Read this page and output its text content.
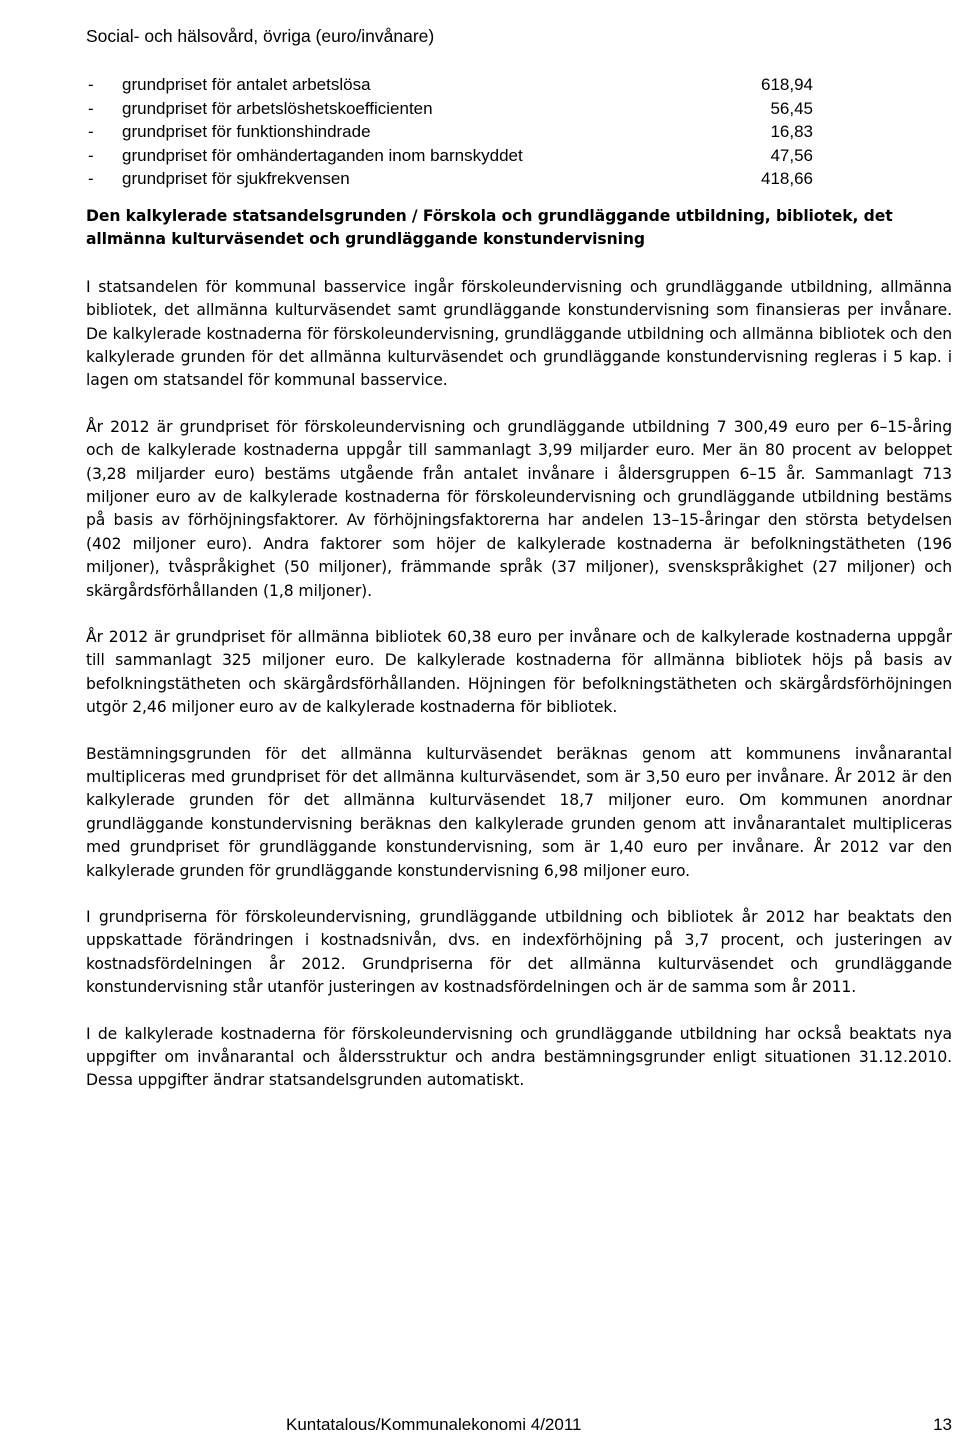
Social- och hälsovård, övriga (euro/invånare)
-	grundpriset för antalet arbetslösa	618,94
-	grundpriset för arbetslöshetskoefficienten	56,45
-	grundpriset för funktionshindrade	16,83
-	grundpriset för omhändertaganden inom barnskyddet	47,56
-	grundpriset för sjukfrekvensen	418,66
Den kalkylerade statsandelsgrunden / Förskola och grundläggande utbildning, bibliotek, det allmänna kulturväsendet och grundläggande konstundervisning

I statsandelen för kommunal basservice ingår förskoleundervisning och grundläggande utbildning, allmänna bibliotek, det allmänna kulturväsendet samt grundläggande konstundervisning som finansieras per invånare. De kalkylerade kostnaderna för förskoleundervisning, grundläggande utbildning och allmänna bibliotek och den kalkylerade grunden för det allmänna kulturväsendet och grundläggande konstundervisning regleras i 5 kap. i lagen om statsandel för kommunal basservice.

År 2012 är grundpriset för förskoleundervisning och grundläggande utbildning 7 300,49 euro per 6–15-åring och de kalkylerade kostnaderna uppgår till sammanlagt 3,99 miljarder euro. Mer än 80 procent av beloppet (3,28 miljarder euro) bestäms utgående från antalet invånare i åldersgruppen 6–15 år. Sammanlagt 713 miljoner euro av de kalkylerade kostnaderna för förskoleundervisning och grundläggande utbildning bestäms på basis av förhöjningsfaktorer. Av förhöjningsfaktorerna har andelen 13–15-åringar den största betydelsen (402 miljoner euro). Andra faktorer som höjer de kalkylerade kostnaderna är befolkningstätheten (196 miljoner), tvåspråkighet (50 miljoner), främmande språk (37 miljoner), svenskspråkighet (27 miljoner) och skärgårdsförhållanden (1,8 miljoner).

År 2012 är grundpriset för allmänna bibliotek 60,38 euro per invånare och de kalkylerade kostnaderna uppgår till sammanlagt 325 miljoner euro. De kalkylerade kostnaderna för allmänna bibliotek höjs på basis av befolkningstätheten och skärgårdsförhållanden. Höjningen för befolkningstätheten och skärgårdsförhöjningen utgör 2,46 miljoner euro av de kalkylerade kostnaderna för bibliotek.

Bestämningsgrunden för det allmänna kulturväsendet beräknas genom att kommunens invånarantal multipliceras med grundpriset för det allmänna kulturväsendet, som är 3,50 euro per invånare. År 2012 är den kalkylerade grunden för det allmänna kulturväsendet 18,7 miljoner euro. Om kommunen anordnar grundläggande konstundervisning beräknas den kalkylerade grunden genom att invånarantalet multipliceras med grundpriset för grundläggande konstundervisning, som är 1,40 euro per invånare. År 2012 var den kalkylerade grunden för grundläggande konstundervisning 6,98 miljoner euro.

I grundpriserna för förskoleundervisning, grundläggande utbildning och bibliotek år 2012 har beaktats den uppskattade förändringen i kostnadsnivån, dvs. en indexförhöjning på 3,7 procent, och justeringen av kostnadsfördelningen år 2012. Grundpriserna för det allmänna kulturväsendet och grundläggande konstundervisning står utanför justeringen av kostnadsfördelningen och är de samma som år 2011.

I de kalkylerade kostnaderna för förskoleundervisning och grundläggande utbildning har också beaktats nya uppgifter om invånarantal och åldersstruktur och andra bestämningsgrunder enligt situationen 31.12.2010. Dessa uppgifter ändrar statsandelsgrunden automatiskt.

Kuntatalous/Kommunalekonomi 4/2011	13
